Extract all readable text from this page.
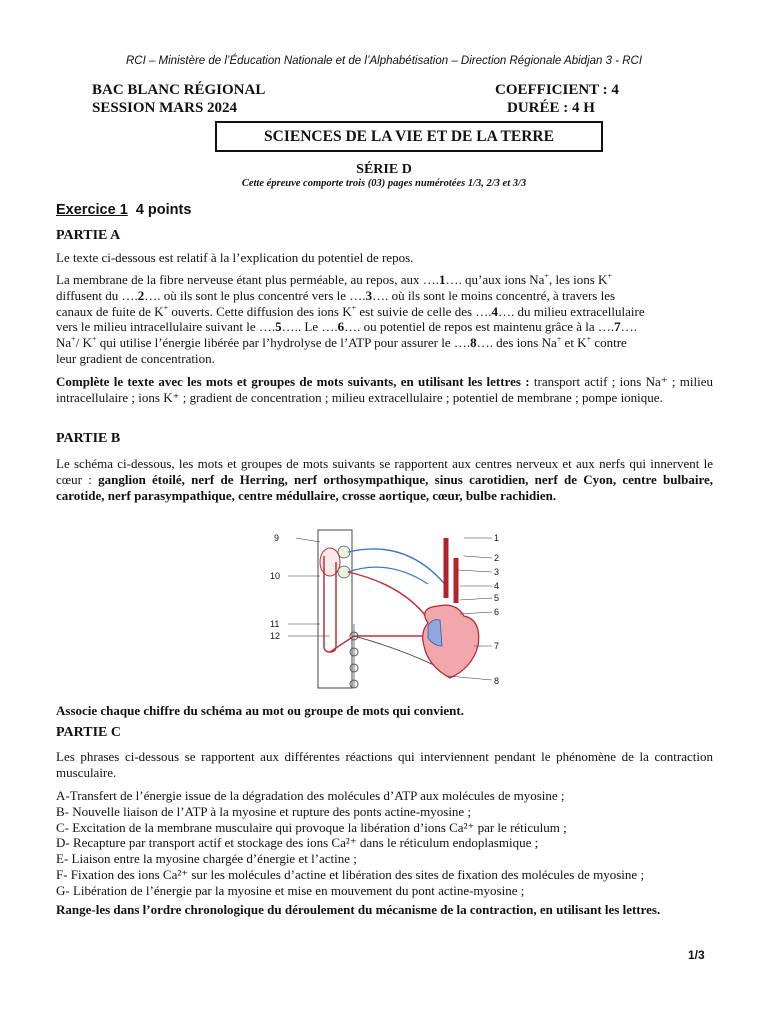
RCI – Ministère de l’Éducation Nationale et de l’Alphabétisation – Direction Régionale Abidjan 3 - RCI
BAC BLANC RÉGIONAL
SESSION MARS 2024
COEFFICIENT : 4
DURÉE : 4 H
SCIENCES DE LA VIE ET DE LA TERRE
SÉRIE D
Cette épreuve comporte trois (03) pages numérotées 1/3, 2/3 et 3/3
Exercice 1 4 points
PARTIE A
Le texte ci-dessous est relatif à la l’explication du potentiel de repos.
La membrane de la fibre nerveuse étant plus perméable, au repos, aux ….1…. qu’aux ions Na+, les ions K+
diffusent du ….2…. où ils sont le plus concentré vers le ….3…. où ils sont le moins concentré, à travers les
canaux de fuite de K+ ouverts. Cette diffusion des ions K+ est suivie de celle des ….4…. du milieu extracellulaire
vers le milieu intracellulaire suivant le ….5….. Le ….6…. ou potentiel de repos est maintenu grâce à la ….7….
Na+/ K+ qui utilise l’énergie libérée par l’hydrolyse de l’ATP pour assurer le ….8…. des ions Na+ et K+ contre
leur gradient de concentration.
Complète le texte avec les mots et groupes de mots suivants, en utilisant les lettres : transport actif ; ions Na⁺ ; milieu intracellulaire ; ions K⁺ ; gradient de concentration ; milieu extracellulaire ; potentiel de membrane ; pompe ionique.
PARTIE B
Le schéma ci-dessous, les mots et groupes de mots suivants se rapportent aux centres nerveux et aux nerfs qui innervent le cœur : ganglion étoilé, nerf de Herring, nerf orthosympathique, sinus carotidien, nerf de Cyon, centre bulbaire, carotide, nerf parasympathique, centre médullaire, crosse aortique, cœur, bulbe rachidien.
1
2
3
4
5
6
7
8
9
10
11
12
Associe chaque chiffre du schéma au mot ou groupe de mots qui convient.
PARTIE C
Les phrases ci-dessous se rapportent aux différentes réactions qui interviennent pendant le phénomène de la contraction musculaire.
A-Transfert de l’énergie issue de la dégradation des molécules d’ATP aux molécules de myosine ;
B- Nouvelle liaison de l’ATP à la myosine et rupture des ponts actine-myosine ;
C- Excitation de la membrane musculaire qui provoque la libération d’ions Ca²⁺ par le réticulum ;
D- Recapture par transport actif et stockage des ions Ca²⁺ dans le réticulum endoplasmique ;
E- Liaison entre la myosine chargée d’énergie et l’actine ;
F- Fixation des ions Ca²⁺ sur les molécules d’actine et libération des sites de fixation des molécules de myosine ;
G- Libération de l’énergie par la myosine et mise en mouvement du pont actine-myosine ;
Range-les dans l’ordre chronologique du déroulement du mécanisme de la contraction, en utilisant les lettres.
1/3
